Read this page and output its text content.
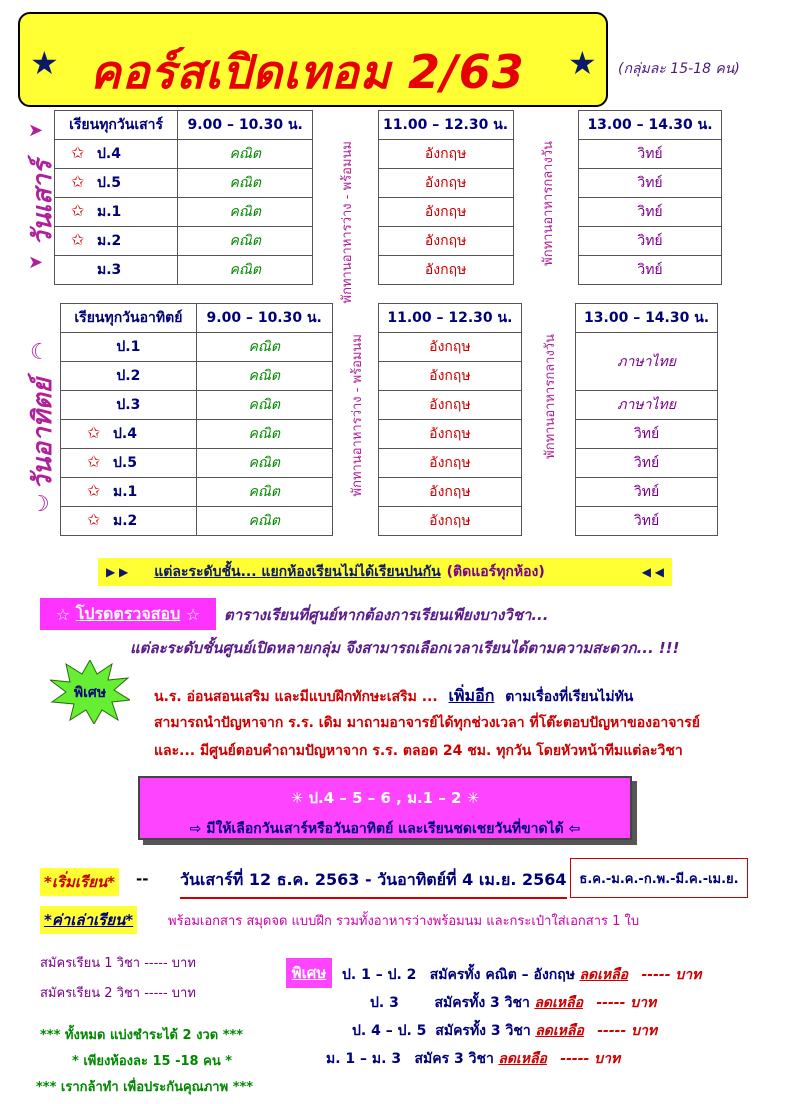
★ คอร์สเปิดเทอม 2/63 ★ (กลุ่มละ 15-18 คน)
➤
วันเสาร์
➤
เรียนทุกวันเสาร์	9.00 – 10.30 น.	พักทานอาหารว่าง - พร้อมนม	11.00 – 12.30 น.	พักทานอาหารกลางวัน	13.00 – 14.30 น.
✩ ป.4	คณิต		อังกฤษ		วิทย์
✩ ป.5	คณิต		อังกฤษ		วิทย์
✩ ม.1	คณิต		อังกฤษ		วิทย์
✩ ม.2	คณิต		อังกฤษ		วิทย์
ม.3	คณิต		อังกฤษ		วิทย์
☾
วันอาทิตย์
☽
เรียนทุกวันอาทิตย์	9.00 – 10.30 น.	พักทานอาหารว่าง - พร้อมนม	11.00 – 12.30 น.	พักทานอาหารกลางวัน	13.00 – 14.30 น.
ป.1	คณิต		อังกฤษ		ภาษาไทย
ป.2	คณิต		อังกฤษ		
ป.3	คณิต		อังกฤษ		ภาษาไทย
✩ ป.4	คณิต		อังกฤษ		วิทย์
✩ ป.5	คณิต		อังกฤษ		วิทย์
✩ ม.1	คณิต		อังกฤษ		วิทย์
✩ ม.2	คณิต		อังกฤษ		วิทย์
▶ ▶ แต่ละระดับชั้น... แยกห้องเรียนไม่ได้เรียนปนกัน (ติดแอร์ทุกห้อง)	◀ ◀
☆ โปรดตรวจสอบ ☆ ตารางเรียนที่ศูนย์หากต้องการเรียนเพียงบางวิชา...
แต่ละระดับชั้นศูนย์เปิดหลายกลุ่ม จึงสามารถเลือกเวลาเรียนได้ตามความสะดวก... !!!
พิเศษ	น.ร. อ่อนสอนเสริม และมีแบบฝึกทักษะเสริม ... เพิ่มอีก ตามเรื่องที่เรียนไม่ทัน
สามารถนำปัญหาจาก ร.ร. เดิม มาถามอาจารย์ได้ทุกช่วงเวลา ที่โต๊ะตอบปัญหาของอาจารย์
และ... มีศูนย์ตอบคำถามปัญหาจาก ร.ร. ตลอด 24 ชม. ทุกวัน โดยหัวหน้าทีมแต่ละวิชา
✳ ป.4 – 5 – 6 , ม.1 – 2 ✳
⇨ มีให้เลือกวันเสาร์หรือวันอาทิตย์ และเรียนชดเชยวันที่ขาดได้ ⇦
*เริ่มเรียน* -- วันเสาร์ที่ 12 ธ.ค. 2563 - วันอาทิตย์ที่ 4 เม.ย. 2564 ธ.ค.-ม.ค.-ก.พ.-มี.ค.-เม.ย.
*ค่าเล่าเรียน*	พร้อมเอกสาร สมุดจด แบบฝึก รวมทั้งอาหารว่างพร้อมนม และกระเป๋าใส่เอกสาร 1 ใบ
สมัครเรียน 1 วิชา ----- บาท
สมัครเรียน 2 วิชา ----- บาท
*** ทั้งหมด แบ่งชำระได้ 2 งวด ***
* เพียงห้องละ 15 -18 คน *
*** เรากล้าทำ เพื่อประกันคุณภาพ ***
พิเศษ	ป. 1 – ป. 2 สมัครทั้ง คณิต – อังกฤษ ลดเหลือ ----- บาท
ป. 3	สมัครทั้ง 3 วิชา ลดเหลือ ----- บาท
ป. 4 – ป. 5 สมัครทั้ง 3 วิชา ลดเหลือ ----- บาท
ม. 1 – ม. 3 สมัคร 3 วิชา ลดเหลือ ----- บาท
